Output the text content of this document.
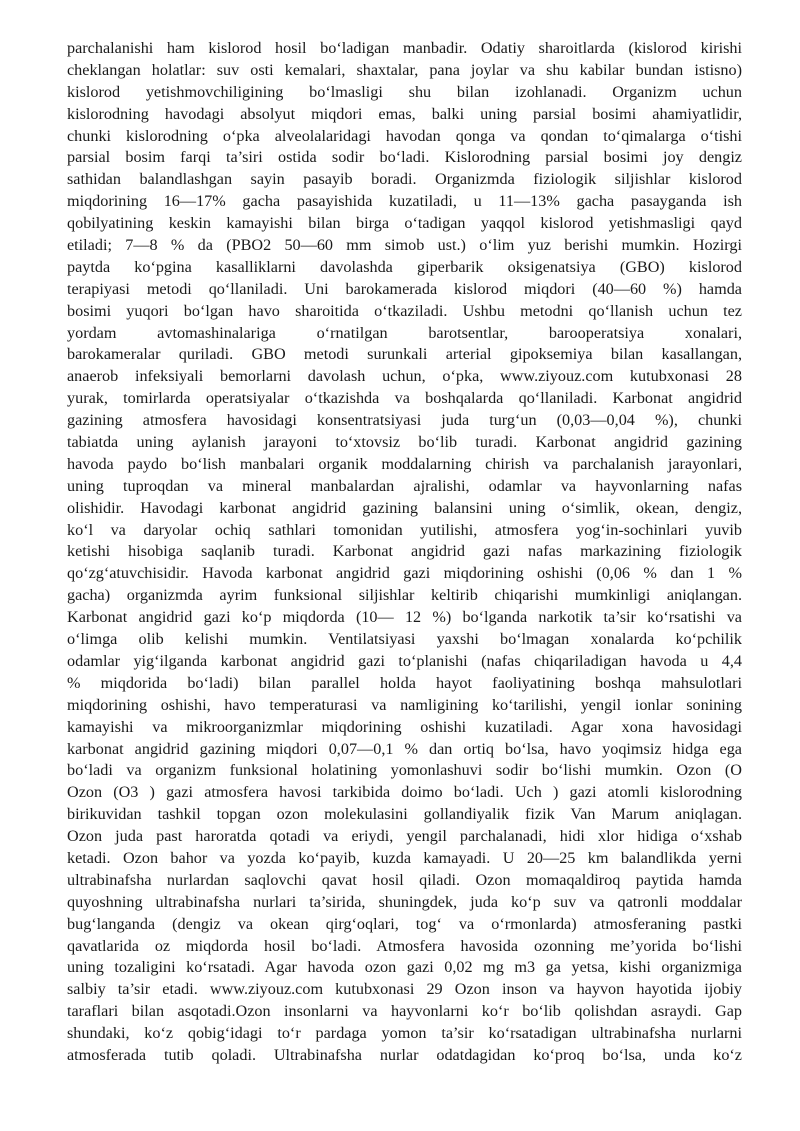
parchalanishi ham kislorod hosil bo‘ladigan manbadir. Odatiy sharoitlarda (kislorod kirishi
cheklangan holatlar: suv osti kemalari, shaxtalar, pana joylar va shu kabilar bundan istisno)
kislorod yetishmovchiligining bo‘lmasligi shu bilan izohlanadi. Organizm uchun
kislorodning havodagi absolyut miqdori emas, balki uning parsial bosimi ahamiyatlidir,
chunki kislorodning o‘pka alveolalaridagi havodan qonga va qondan to‘qimalarga o‘tishi
parsial bosim farqi ta’siri ostida sodir bo‘ladi. Kislorodning parsial bosimi joy dengiz
sathidan balandlashgan sayin pasayib boradi. Organizmda fiziologik siljishlar kislorod
miqdorining 16—17% gacha pasayishida kuzatiladi, u 11—13% gacha pasayganda ish
qobilyatining keskin kamayishi bilan birga o‘tadigan yaqqol kislorod yetishmasligi qayd
etiladi; 7—8 % da (PBO2 50—60 mm simob ust.) o‘lim yuz berishi mumkin. Hozirgi
paytda ko‘pgina kasalliklarni davolashda giperbarik oksigenatsiya (GBO) kislorod
terapiyasi metodi qo‘llaniladi. Uni barokamerada kislorod miqdori (40—60 %) hamda
bosimi yuqori bo‘lgan havo sharoitida o‘tkaziladi. Ushbu metodni qo‘llanish uchun tez
yordam avtomashinalariga o‘rnatilgan barotsentlar, barooperatsiya xonalari,
barokameralar quriladi. GBO metodi surunkali arterial gipoksemiya bilan kasallangan,
anaerob infeksiyali bemorlarni davolash uchun, o‘pka, www.ziyouz.com kutubxonasi 28
yurak, tomirlarda operatsiyalar o‘tkazishda va boshqalarda qo‘llaniladi. Karbonat angidrid
gazining atmosfera havosidagi konsentratsiyasi juda turg‘un (0,03—0,04 %), chunki
tabiatda uning aylanish jarayoni to‘xtovsiz bo‘lib turadi. Karbonat angidrid gazining
havoda paydo bo‘lish manbalari organik moddalarning chirish va parchalanish jarayonlari,
uning tuproqdan va mineral manbalardan ajralishi, odamlar va hayvonlarning nafas
olishidir. Havodagi karbonat angidrid gazining balansini uning o‘simlik, okean, dengiz,
ko‘l va daryolar ochiq sathlari tomonidan yutilishi, atmosfera yog‘in-sochinlari yuvib
ketishi hisobiga saqlanib turadi. Karbonat angidrid gazi nafas markazining fiziologik
qo‘zg‘atuvchisidir. Havoda karbonat angidrid gazi miqdorining oshishi (0,06 % dan 1 %
gacha) organizmda ayrim funksional siljishlar keltirib chiqarishi mumkinligi aniqlangan.
Karbonat angidrid gazi ko‘p miqdorda (10— 12 %) bo‘lganda narkotik ta’sir ko‘rsatishi va
o‘limga olib kelishi mumkin. Ventilatsiyasi yaxshi bo‘lmagan xonalarda ko‘pchilik
odamlar yig‘ilganda karbonat angidrid gazi to‘planishi (nafas chiqariladigan havoda u 4,4
% miqdorida bo‘ladi) bilan parallel holda hayot faoliyatining boshqa mahsulotlari
miqdorining oshishi, havo temperaturasi va namligining ko‘tarilishi, yengil ionlar sonining
kamayishi va mikroorganizmlar miqdorining oshishi kuzatiladi. Agar xona havosidagi
karbonat angidrid gazining miqdori 0,07—0,1 % dan ortiq bo‘lsa, havo yoqimsiz hidga ega
bo‘ladi va organizm funksional holatining yomonlashuvi sodir bo‘lishi mumkin. Ozon (O
Ozon (O3 ) gazi atmosfera havosi tarkibida doimo bo‘ladi. Uch ) gazi atomli kislorodning
birikuvidan tashkil topgan ozon molekulasini gollandiyalik fizik Van Marum aniqlagan.
Ozon juda past haroratda qotadi va eriydi, yengil parchalanadi, hidi xlor hidiga o‘xshab
ketadi. Ozon bahor va yozda ko‘payib, kuzda kamayadi. U 20—25 km balandlikda yerni
ultrabinafsha nurlardan saqlovchi qavat hosil qiladi. Ozon momaqaldiroq paytida hamda
quyoshning ultrabinafsha nurlari ta’sirida, shuningdek, juda ko‘p suv va qatronli moddalar
bug‘langanda (dengiz va okean qirg‘oqlari, tog‘ va o‘rmonlarda) atmosferaning pastki
qavatlarida oz miqdorda hosil bo‘ladi. Atmosfera havosida ozonning me’yorida bo‘lishi
uning tozaligini ko‘rsatadi. Agar havoda ozon gazi 0,02 mg m3 ga yetsa, kishi organizmiga
salbiy ta’sir etadi. www.ziyouz.com kutubxonasi 29 Ozon inson va hayvon hayotida ijobiy
taraflari bilan asqotadi.Ozon insonlarni va hayvonlarni ko‘r bo‘lib qolishdan asraydi. Gap
shundaki, ko‘z qobig‘idagi to‘r pardaga yomon ta’sir ko‘rsatadigan ultrabinafsha nurlarni
atmosferada tutib qoladi. Ultrabinafsha nurlar odatdagidan ko‘proq bo‘lsa, unda ko‘z
